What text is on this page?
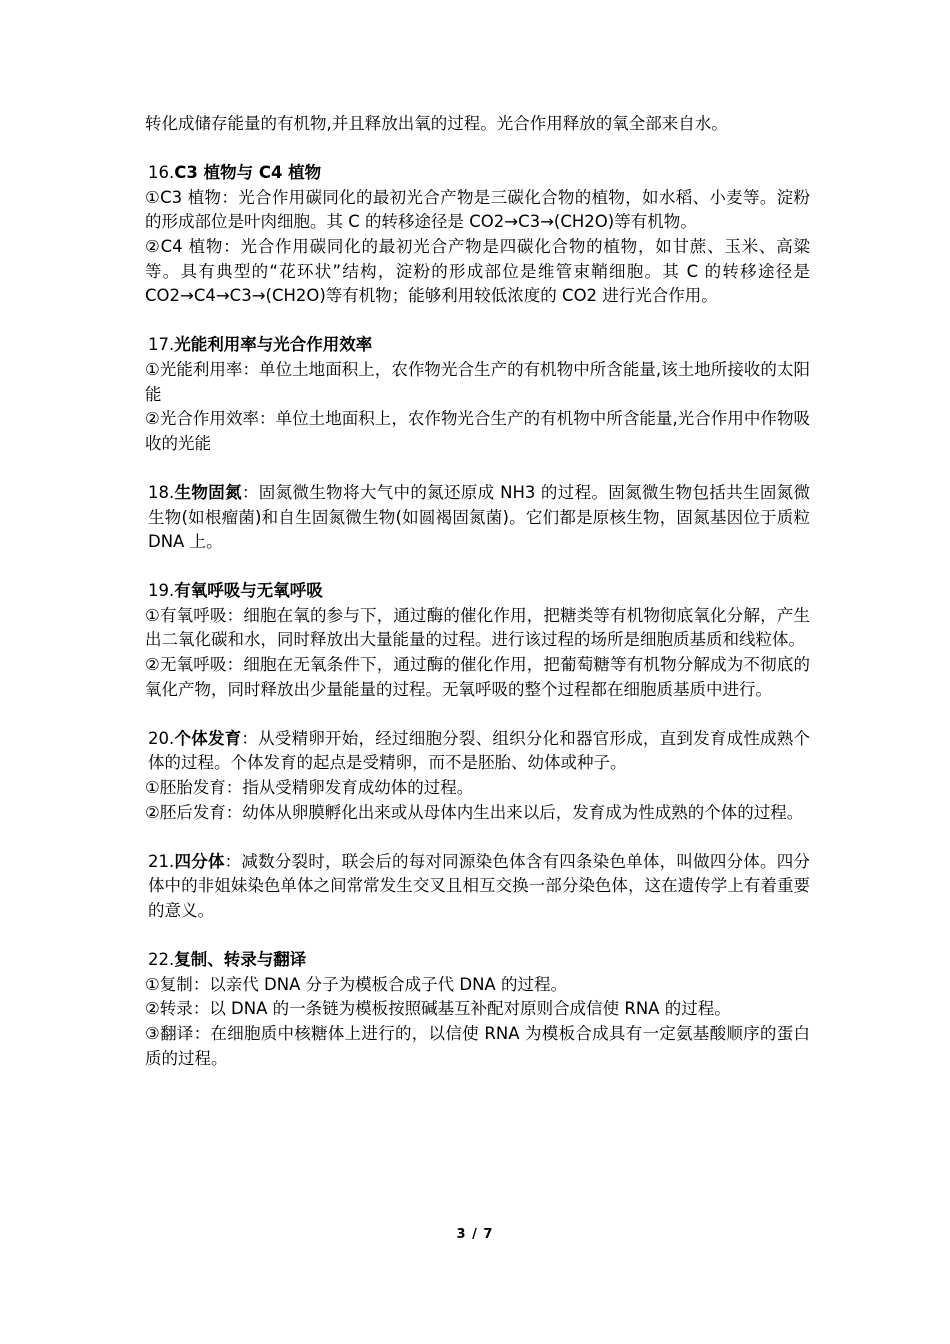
转化成储存能量的有机物,并且释放出氧的过程。光合作用释放的氧全部来自水。

16.C3 植物与 C4 植物

①C3 植物：光合作用碳同化的最初光合产物是三碳化合物的植物，如水稻、小麦等。淀粉的形成部位是叶肉细胞。其 C 的转移途径是 CO2→C3→(CH2O)等有机物。

②C4 植物：光合作用碳同化的最初光合产物是四碳化合物的植物，如甘蔗、玉米、高粱等。具有典型的“花环状”结构，淀粉的形成部位是维管束鞘细胞。其 C 的转移途径是 CO2→C4→C3→(CH2O)等有机物；能够利用较低浓度的 CO2 进行光合作用。

17.光能利用率与光合作用效率

①光能利用率：单位土地面积上，农作物光合生产的有机物中所含能量,该土地所接收的太阳能

②光合作用效率：单位土地面积上，农作物光合生产的有机物中所含能量,光合作用中作物吸收的光能

18.生物固氮：固氮微生物将大气中的氮还原成 NH3 的过程。固氮微生物包括共生固氮微生物(如根瘤菌)和自生固氮微生物(如圆褐固氮菌)。它们都是原核生物，固氮基因位于质粒 DNA 上。

19.有氧呼吸与无氧呼吸

①有氧呼吸：细胞在氧的参与下，通过酶的催化作用，把糖类等有机物彻底氧化分解，产生出二氧化碳和水，同时释放出大量能量的过程。进行该过程的场所是细胞质基质和线粒体。

②无氧呼吸：细胞在无氧条件下，通过酶的催化作用，把葡萄糖等有机物分解成为不彻底的氧化产物，同时释放出少量能量的过程。无氧呼吸的整个过程都在细胞质基质中进行。

20.个体发育：从受精卵开始，经过细胞分裂、组织分化和器官形成，直到发育成性成熟个体的过程。个体发育的起点是受精卵，而不是胚胎、幼体或种子。

①胚胎发育：指从受精卵发育成幼体的过程。

②胚后发育：幼体从卵膜孵化出来或从母体内生出来以后，发育成为性成熟的个体的过程。

21.四分体：减数分裂时，联会后的每对同源染色体含有四条染色单体，叫做四分体。四分体中的非姐妹染色单体之间常常发生交叉且相互交换一部分染色体，这在遗传学上有着重要的意义。

22.复制、转录与翻译

①复制：以亲代 DNA 分子为模板合成子代 DNA 的过程。

②转录：以 DNA 的一条链为模板按照碱基互补配对原则合成信使 RNA 的过程。

③翻译：在细胞质中核糖体上进行的，以信使 RNA 为模板合成具有一定氨基酸顺序的蛋白质的过程。

3 / 7
